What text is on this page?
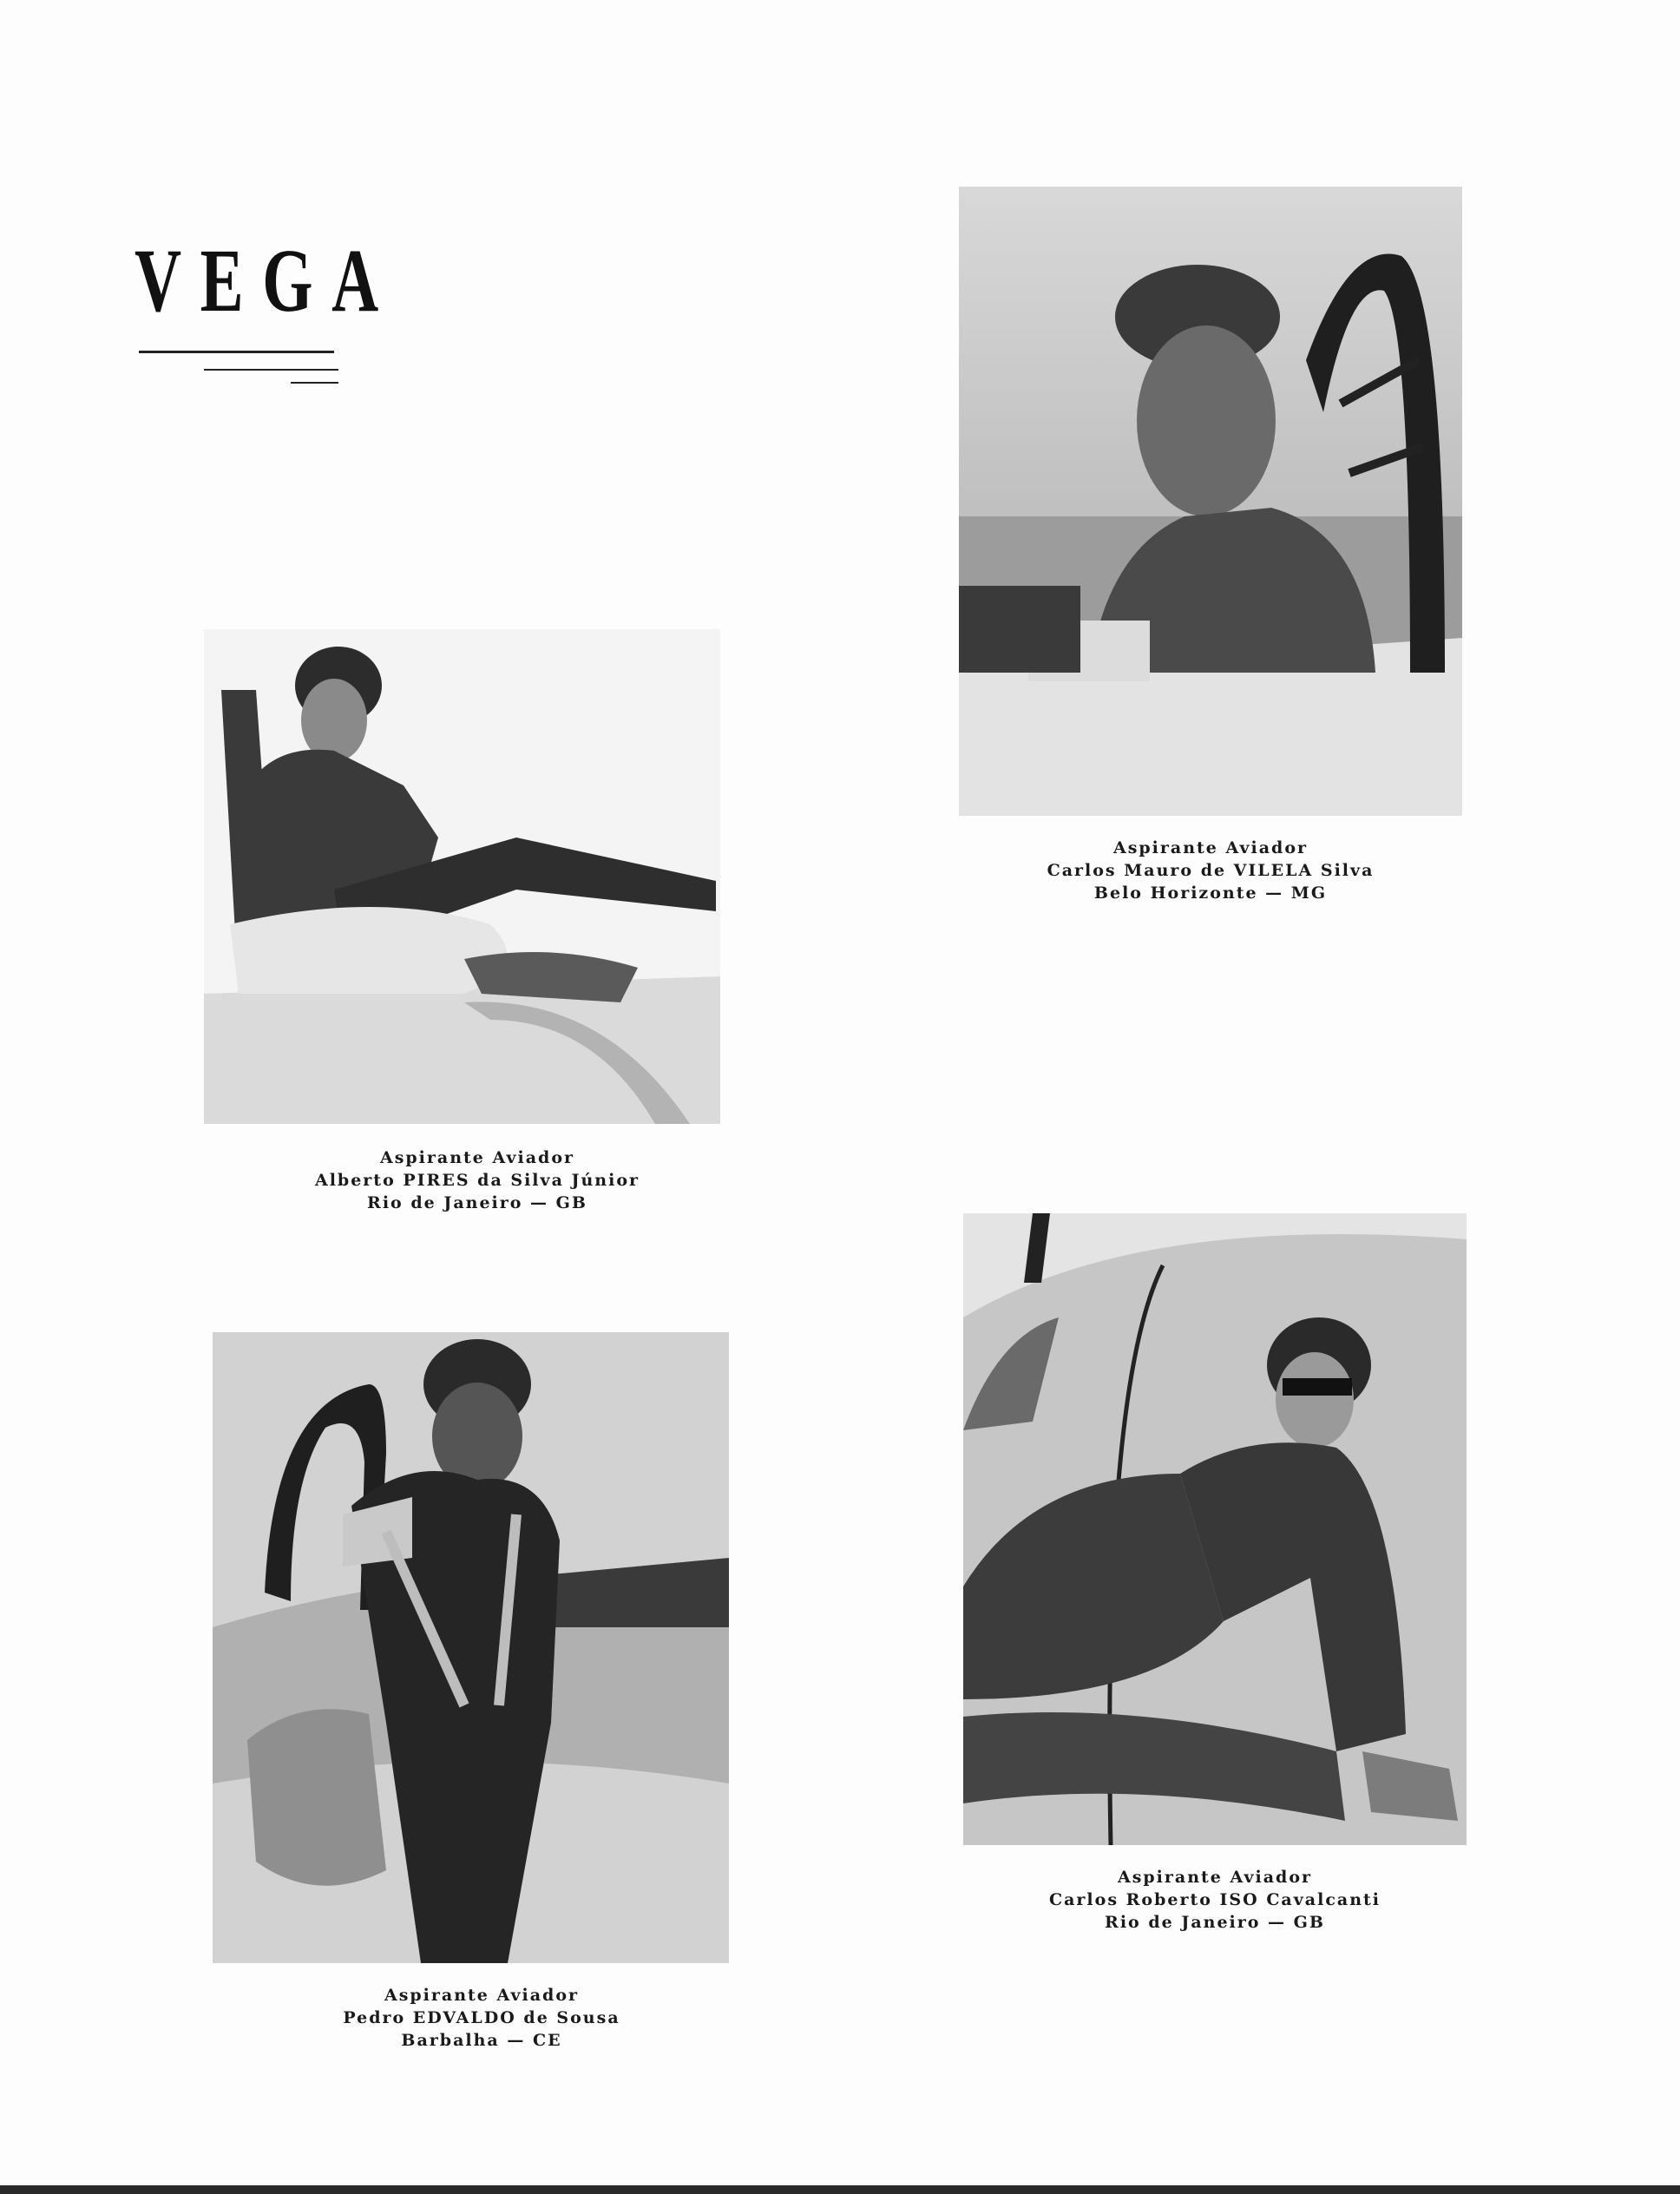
VEGA
Aspirante Aviador
Carlos Mauro de VILELA Silva
Belo Horizonte — MG
Aspirante Aviador
Alberto PIRES da Silva Júnior
Rio de Janeiro — GB
Aspirante Aviador
Carlos Roberto ISO Cavalcanti
Rio de Janeiro — GB
Aspirante Aviador
Pedro EDVALDO de Sousa
Barbalha — CE
